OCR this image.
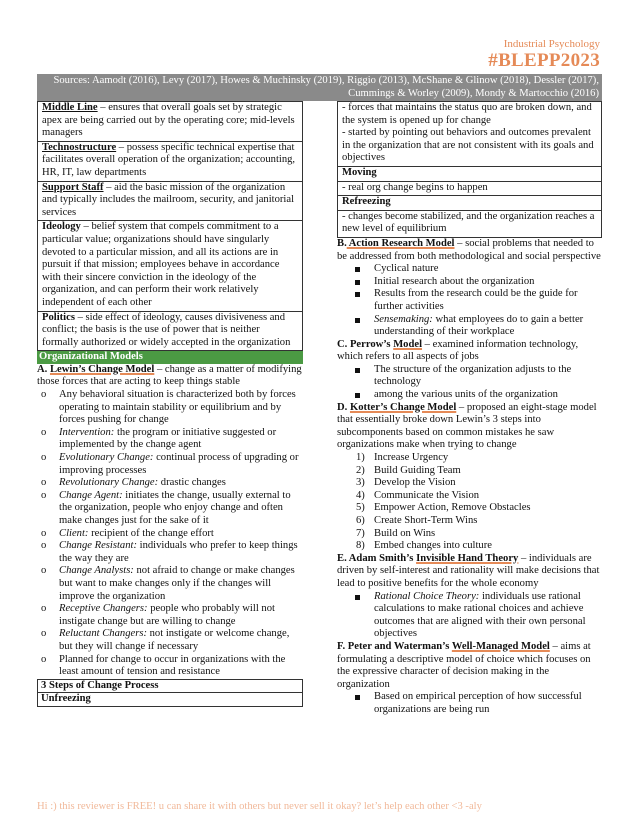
Industrial Psychology
#BLEPP2023
Sources: Aamodt (2016), Levy (2017), Howes & Muchinsky (2019), Riggio (2013), McShane & Glinow (2018), Dessler (2017), Cummings & Worley (2009), Mondy & Martocchio (2016)
Middle Line – ensures that overall goals set by strategic apex are being carried out by the operating core; mid-levels managers
Technostructure – possess specific technical expertise that facilitates overall operation of the organization; accounting, HR, IT, law departments
Support Staff – aid the basic mission of the organization and typically includes the mailroom, security, and janitorial services
Ideology – belief system that compels commitment to a particular value; organizations should have singularly devoted to a particular mission, and all its actions are in pursuit if that mission; employees behave in accordance with their sincere conviction in the ideology of the organization, and can perform their work relatively independent of each other
Politics – side effect of ideology, causes divisiveness and conflict; the basis is the use of power that is neither formally authorized or widely accepted in the organization
Organizational Models

A. Lewin’s Change Model – change as a matter of modifying those forces that are acting to keep things stable

o Any behavioral situation is characterized both by forces operating to maintain stability or equilibrium and by forces pushing for change
o Intervention: the program or initiative suggested or implemented by the change agent
o Evolutionary Change: continual process of upgrading or improving processes
o Revolutionary Change: drastic changes
o Change Agent: initiates the change, usually external to the organization, people who enjoy change and often make changes just for the sake of it
o Client: recipient of the change effort
o Change Resistant: individuals who prefer to keep things the way they are
o Change Analysts: not afraid to change or make changes but want to make changes only if the changes will improve the organization
o Receptive Changers: people who probably will not instigate change but are willing to change
o Reluctant Changers: not instigate or welcome change, but they will change if necessary
o Planned for change to occur in organizations with the least amount of tension and resistance
3 Steps of Change Process
Unfreezing
- forces that maintains the status quo are broken down, and the system is opened up for change
- started by pointing out behaviors and outcomes prevalent in the organization that are not consistent with its goals and objectives
Moving
- real org change begins to happen
Refreezing
- changes become stabilized, and the organization reaches a new level of equilibrium

B. Action Research Model – social problems that needed to be addressed from both methodological and social perspective

Cyclical nature
Initial research about the organization
Results from the research could be the guide for further activities
Sensemaking: what employees do to gain a better understanding of their workplace

C. Perrow’s Model – examined information technology, which refers to all aspects of jobs

The structure of the organization adjusts to the technology
among the various units of the organization

D. Kotter’s Change Model – proposed an eight-stage model that essentially broke down Lewin’s 3 steps into subcomponents based on common mistakes he saw organizations make when trying to change

1) Increase Urgency
2) Build Guiding Team
3) Develop the Vision
4) Communicate the Vision
5) Empower Action, Remove Obstacles
6) Create Short-Term Wins
7) Build on Wins
8) Embed changes into culture

E. Adam Smith’s Invisible Hand Theory – individuals are driven by self-interest and rationality will make decisions that lead to positive benefits for the whole economy

Rational Choice Theory: individuals use rational calculations to make rational choices and achieve outcomes that are aligned with their own personal objectives

F. Peter and Waterman’s Well-Managed Model – aims at formulating a descriptive model of choice which focuses on the expressive character of decision making in the organization

Based on empirical perception of how successful organizations are being run
Hi :) this reviewer is FREE! u can share it with others but never sell it okay? let’s help each other <3 -aly
